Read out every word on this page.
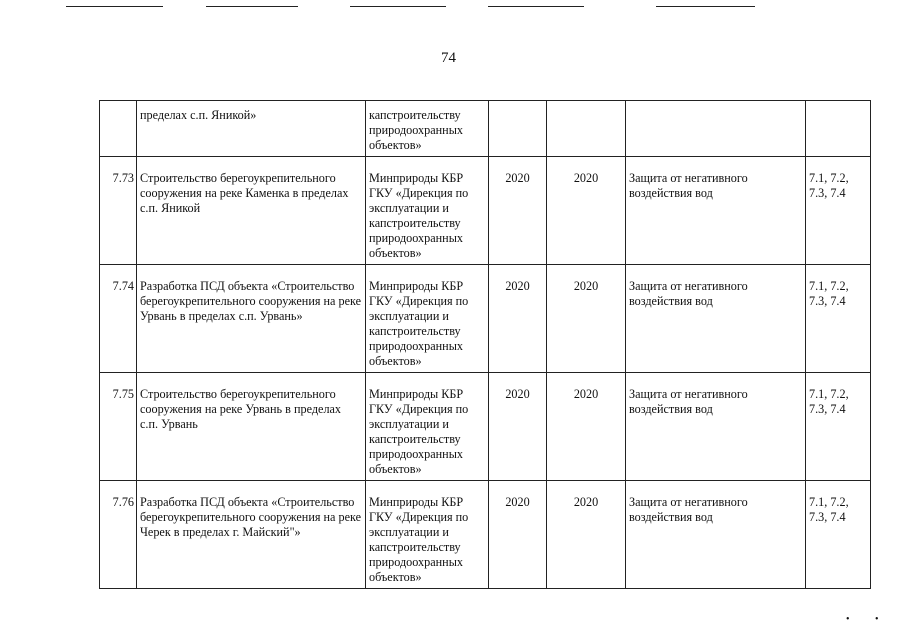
74
	пределах с.п. Яникой»	капстроительству природоохранных объектов»				
7.73	Строительство берегоукрепительного сооружения на реке Каменка в пределах с.п. Яникой	Минприроды КБР ГКУ «Дирекция по эксплуатации и капстроительству природоохранных объектов»	2020	2020	Защита от негативного воздействия вод	7.1, 7.2, 7.3, 7.4
7.74	Разработка ПСД объекта «Строительство берегоукрепительного сооружения на реке Урвань в пределах с.п. Урвань»	Минприроды КБР ГКУ «Дирекция по эксплуатации и капстроительству природоохранных объектов»	2020	2020	Защита от негативного воздействия вод	7.1, 7.2, 7.3, 7.4
7.75	Строительство берегоукрепительного сооружения на реке Урвань в пределах с.п. Урвань	Минприроды КБР ГКУ «Дирекция по эксплуатации и капстроительству природоохранных объектов»	2020	2020	Защита от негативного воздействия вод	7.1, 7.2, 7.3, 7.4
7.76	Разработка ПСД объекта «Строительство берегоукрепительного сооружения на реке Черек в пределах г. Майский"»	Минприроды КБР ГКУ «Дирекция по эксплуатации и капстроительству природоохранных объектов»	2020	2020	Защита от негативного воздействия вод	7.1, 7.2, 7.3, 7.4
•	•
